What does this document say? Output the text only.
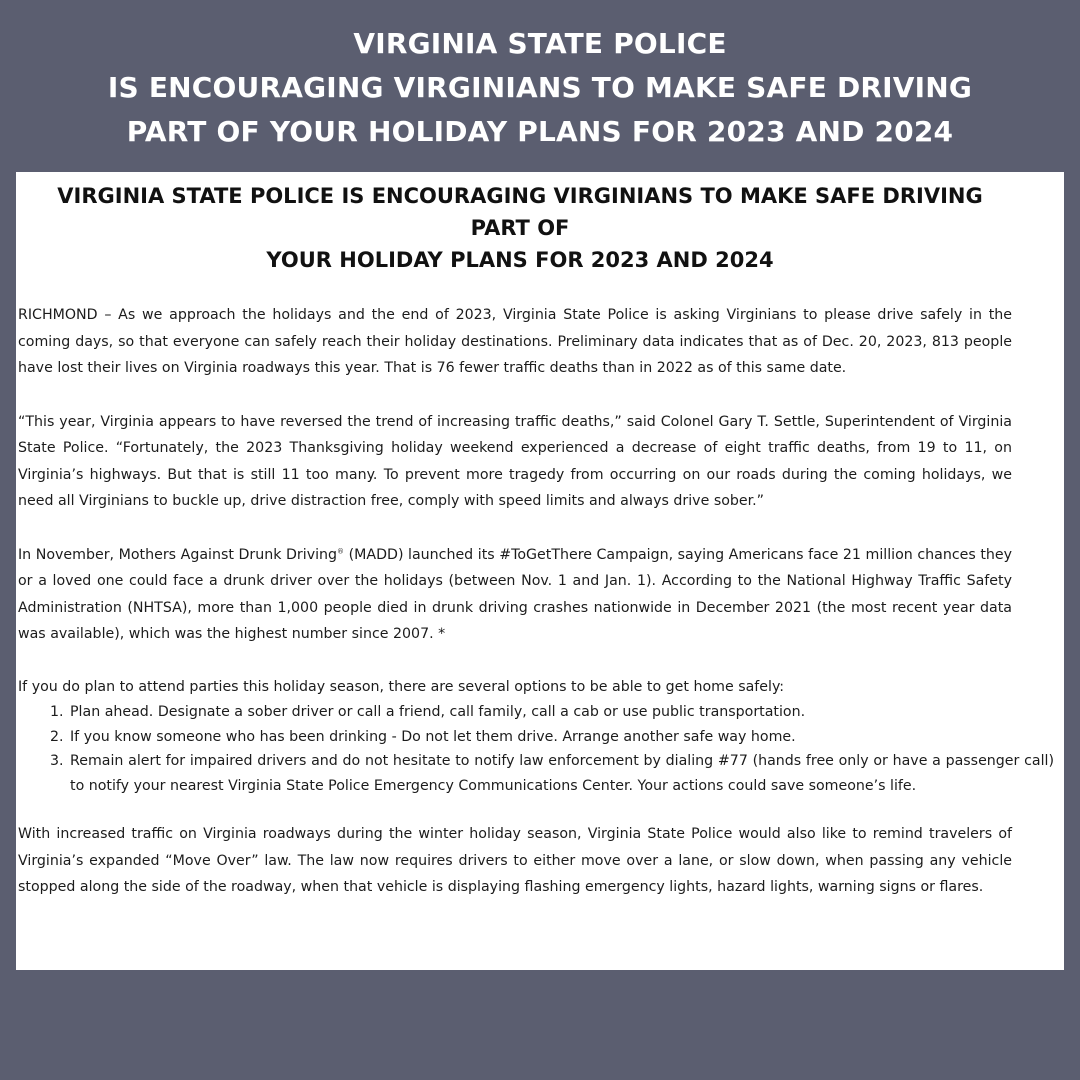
VIRGINIA STATE POLICE
IS ENCOURAGING VIRGINIANS TO MAKE SAFE DRIVING
PART OF YOUR HOLIDAY PLANS FOR 2023 AND 2024
VIRGINIA STATE POLICE IS ENCOURAGING VIRGINIANS TO MAKE SAFE DRIVING PART OF
YOUR HOLIDAY PLANS FOR 2023 AND 2024

RICHMOND – As we approach the holidays and the end of 2023, Virginia State Police is asking Virginians to please drive safely in the coming days, so that everyone can safely reach their holiday destinations. Preliminary data indicates that as of Dec. 20, 2023, 813 people have lost their lives on Virginia roadways this year. That is 76 fewer traffic deaths than in 2022 as of this same date.

“This year, Virginia appears to have reversed the trend of increasing traffic deaths,” said Colonel Gary T. Settle, Superintendent of Virginia State Police. “Fortunately, the 2023 Thanksgiving holiday weekend experienced a decrease of eight traffic deaths, from 19 to 11, on Virginia’s highways. But that is still 11 too many. To prevent more tragedy from occurring on our roads during the coming holidays, we need all Virginians to buckle up, drive distraction free, comply with speed limits and always drive sober.”

In November, Mothers Against Drunk Driving® (MADD) launched its #ToGetThere Campaign, saying Americans face 21 million chances they or a loved one could face a drunk driver over the holidays (between Nov. 1 and Jan. 1). According to the National Highway Traffic Safety Administration (NHTSA), more than 1,000 people died in drunk driving crashes nationwide in December 2021 (the most recent year data was available), which was the highest number since 2007. *

If you do plan to attend parties this holiday season, there are several options to be able to get home safely:

1. Plan ahead. Designate a sober driver or call a friend, call family, call a cab or use public transportation.
2. If you know someone who has been drinking - Do not let them drive. Arrange another safe way home.
3. Remain alert for impaired drivers and do not hesitate to notify law enforcement by dialing #77 (hands free only or have a passenger call) to notify your nearest Virginia State Police Emergency Communications Center. Your actions could save someone’s life.

With increased traffic on Virginia roadways during the winter holiday season, Virginia State Police would also like to remind travelers of Virginia’s expanded “Move Over” law. The law now requires drivers to either move over a lane, or slow down, when passing any vehicle stopped along the side of the roadway, when that vehicle is displaying flashing emergency lights, hazard lights, warning signs or flares.
